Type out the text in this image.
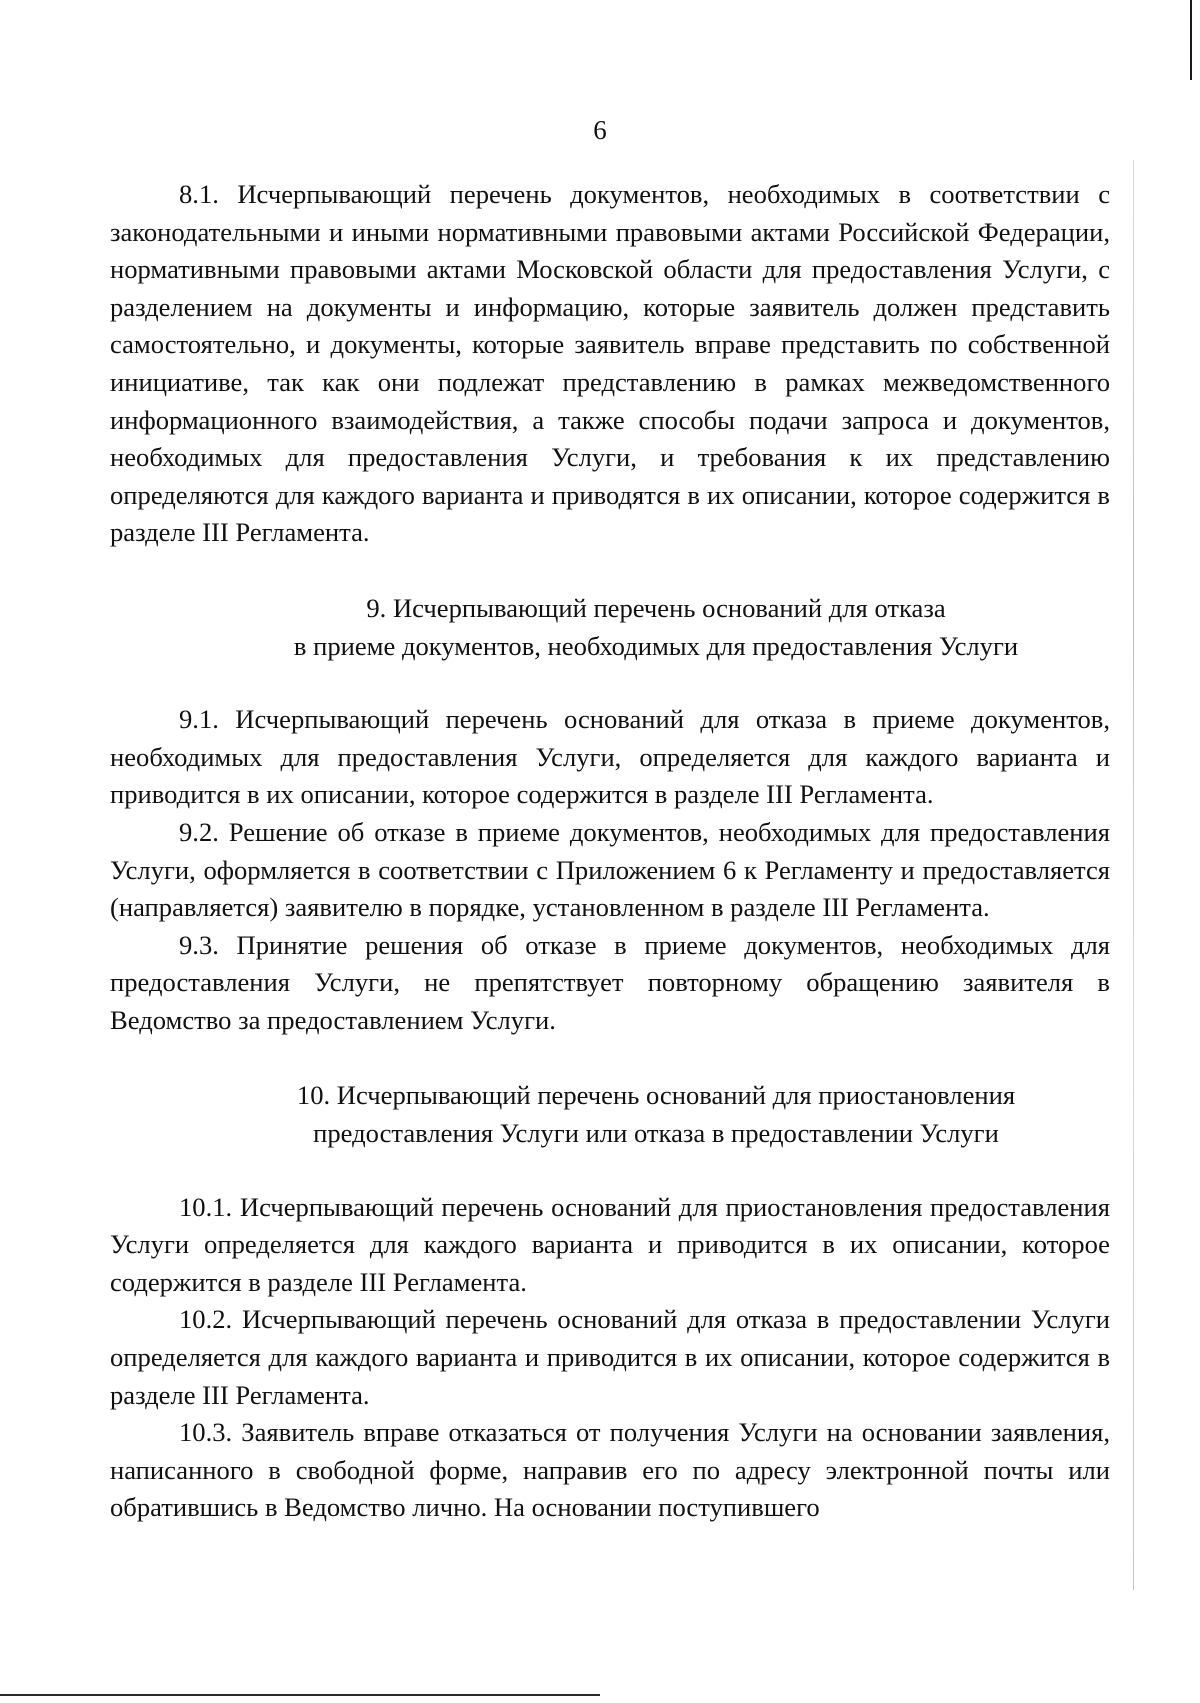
6

8.1. Исчерпывающий перечень документов, необходимых в соответствии с законодательными и иными нормативными правовыми актами Российской Федерации, нормативными правовыми актами Московской области для предоставления Услуги, с разделением на документы и информацию, которые заявитель должен представить самостоятельно, и документы, которые заявитель вправе представить по собственной инициативе, так как они подлежат представлению в рамках межведомственного информационного взаимодействия, а также способы подачи запроса и документов, необходимых для предоставления Услуги, и требования к их представлению определяются для каждого варианта и приводятся в их описании, которое содержится в разделе III Регламента.

9. Исчерпывающий перечень оснований для отказа
в приеме документов, необходимых для предоставления Услуги

9.1. Исчерпывающий перечень оснований для отказа в приеме документов, необходимых для предоставления Услуги, определяется для каждого варианта и приводится в их описании, которое содержится в разделе III Регламента.

9.2. Решение об отказе в приеме документов, необходимых для предоставления Услуги, оформляется в соответствии с Приложением 6 к Регламенту и предоставляется (направляется) заявителю в порядке, установленном в разделе III Регламента.

9.3. Принятие решения об отказе в приеме документов, необходимых для предоставления Услуги, не препятствует повторному обращению заявителя в Ведомство за предоставлением Услуги.

10. Исчерпывающий перечень оснований для приостановления
предоставления Услуги или отказа в предоставлении Услуги

10.1. Исчерпывающий перечень оснований для приостановления предоставления Услуги определяется для каждого варианта и приводится в их описании, которое содержится в разделе III Регламента.

10.2. Исчерпывающий перечень оснований для отказа в предоставлении Услуги определяется для каждого варианта и приводится в их описании, которое содержится в разделе III Регламента.

10.3. Заявитель вправе отказаться от получения Услуги на основании заявления, написанного в свободной форме, направив его по адресу электронной почты или обратившись в Ведомство лично. На основании поступившего
